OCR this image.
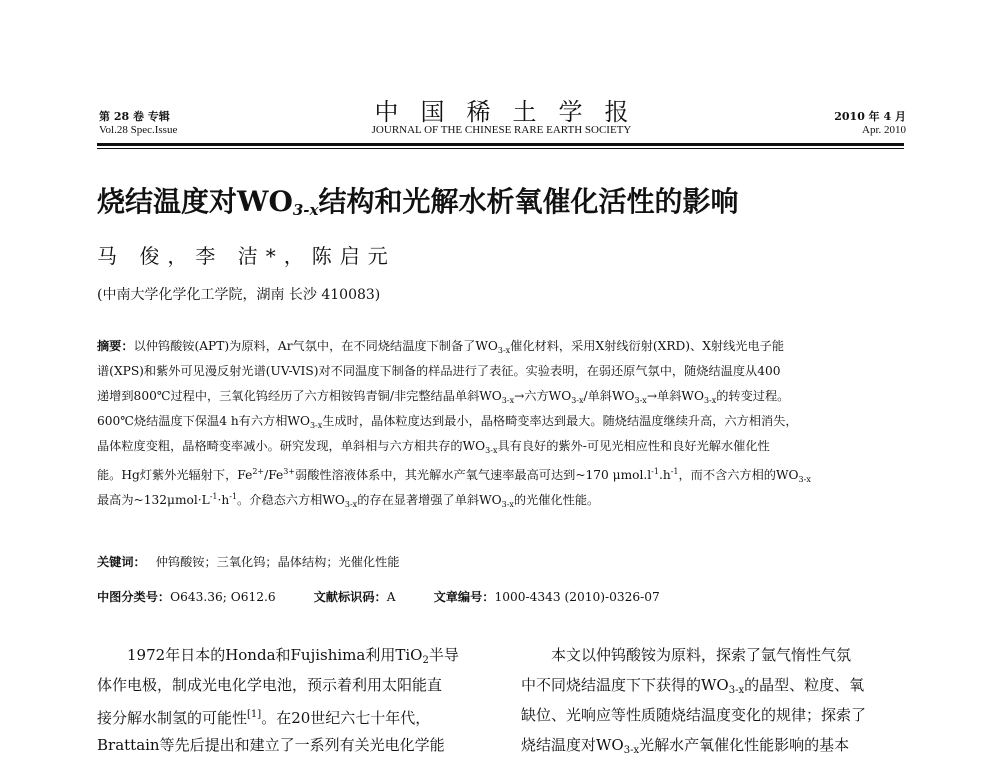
第 28 卷 专辑
Vol.28 Spec.Issue
中国稀土学报
JOURNAL OF THE CHINESE RARE EARTH SOCIETY
2010 年 4 月
Apr. 2010
烧结温度对$WO_{3-x}$结构和光解水析氧催化活性的影响
马 俊，李 洁*，陈启元
(中南大学化学化工学院，湖南 长沙 410083)
摘要：以仲钨酸铵(APT)为原料，Ar气氛中，在不同烧结温度下制备了$WO_{3-x}$催化材料，采用X射线衍射(XRD)、X射线光电子能
谱(XPS)和紫外可见漫反射光谱(UV-VIS)对不同温度下制备的样品进行了表征。实验表明，在弱还原气氛中，随烧结温度从400
递增到800℃过程中，三氧化钨经历了六方相铵钨青铜/非完整结晶单斜$WO_{3-x}\to$六方$WO_{3-x}/$单斜$WO_{3-x}\to$单斜$WO_{3-x}$的转变过程。
600℃烧结温度下保温4 h有六方相$WO_{3-x}$生成时，晶体粒度达到最小，晶格畸变率达到最大。随烧结温度继续升高，六方相消失，
晶体粒度变粗，晶格畸变率减小。研究发现，单斜相与六方相共存的$WO_{3-x}$具有良好的紫外-可见光相应性和良好光解水催化性
能。Hg灯紫外光辐射下，$Fe^{2+}/Fe^{3+}$弱酸性溶液体系中，其光解水产氧气速率最高可达到~170 $\mu mol.l^{-1}.h^{-1}$，而不含六方相的$WO_{3-x}$
最高为$\sim 132\mu mol\cdot L^{-1}\cdot h^{-1}$。介稳态六方相$WO_{3-x}$的存在显著增强了单斜$WO_{3-x}$的光催化性能。
关键词： 仲钨酸铵；三氧化钨；晶体结构；光催化性能
中图分类号：O643.36; O612.6	文献标识码：A	文章编号：1000-4343 (2010)-0326-07
　　1972年日本的Honda和Fujishima利用TiO$_2$半导
体作电极，制成光电化学电池，预示着利用太阳能直
接分解水制氢的可能性[1]。在20世纪六七十年代，
Brattain等先后提出和建立了一系列有关光电化学能
　　本文以仲钨酸铵为原料，探索了氩气惰性气氛
中不同烧结温度下下获得的$WO_{3-x}$的晶型、粒度、氧
缺位、光响应等性质随烧结温度变化的规律；探索了
烧结温度对$WO_{3-x}$光解水产氧催化性能影响的基本
